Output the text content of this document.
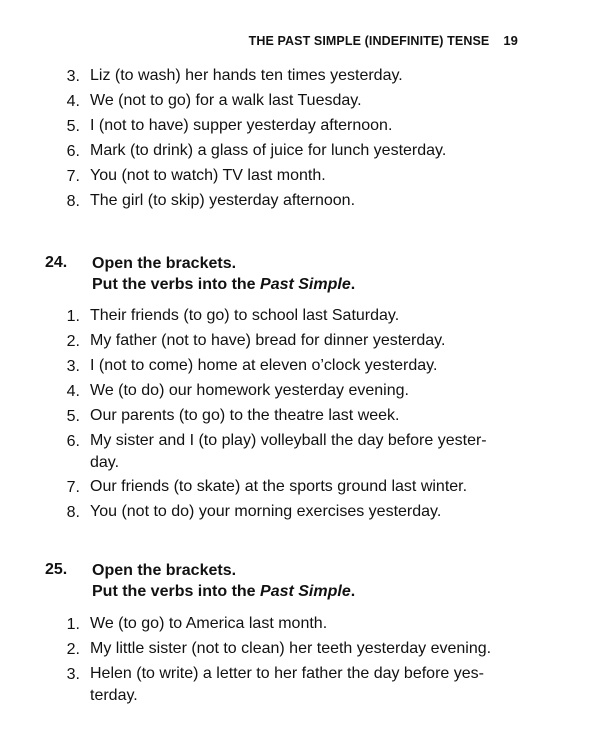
THE PAST SIMPLE (INDEFINITE) TENSE 19
3. Liz (to wash) her hands ten times yesterday.
4. We (not to go) for a walk last Tuesday.
5. I (not to have) supper yesterday afternoon.
6. Mark (to drink) a glass of juice for lunch yesterday.
7. You (not to watch) TV last month.
8. The girl (to skip) yesterday afternoon.
24.	Open the brackets.
Put the verbs into the Past Simple.
1. Their friends (to go) to school last Saturday.
2. My father (not to have) bread for dinner yesterday.
3. I (not to come) home at eleven o’clock yesterday.
4. We (to do) our homework yesterday evening.
5. Our parents (to go) to the theatre last week.
6. My sister and I (to play) volleyball the day before yester-
day.
7. Our friends (to skate) at the sports ground last winter.
8. You (not to do) your morning exercises yesterday.
25.	Open the brackets.
Put the verbs into the Past Simple.
1. We (to go) to America last month.
2. My little sister (not to clean) her teeth yesterday evening.
3. Helen (to write) a letter to her father the day before yes-
terday.
